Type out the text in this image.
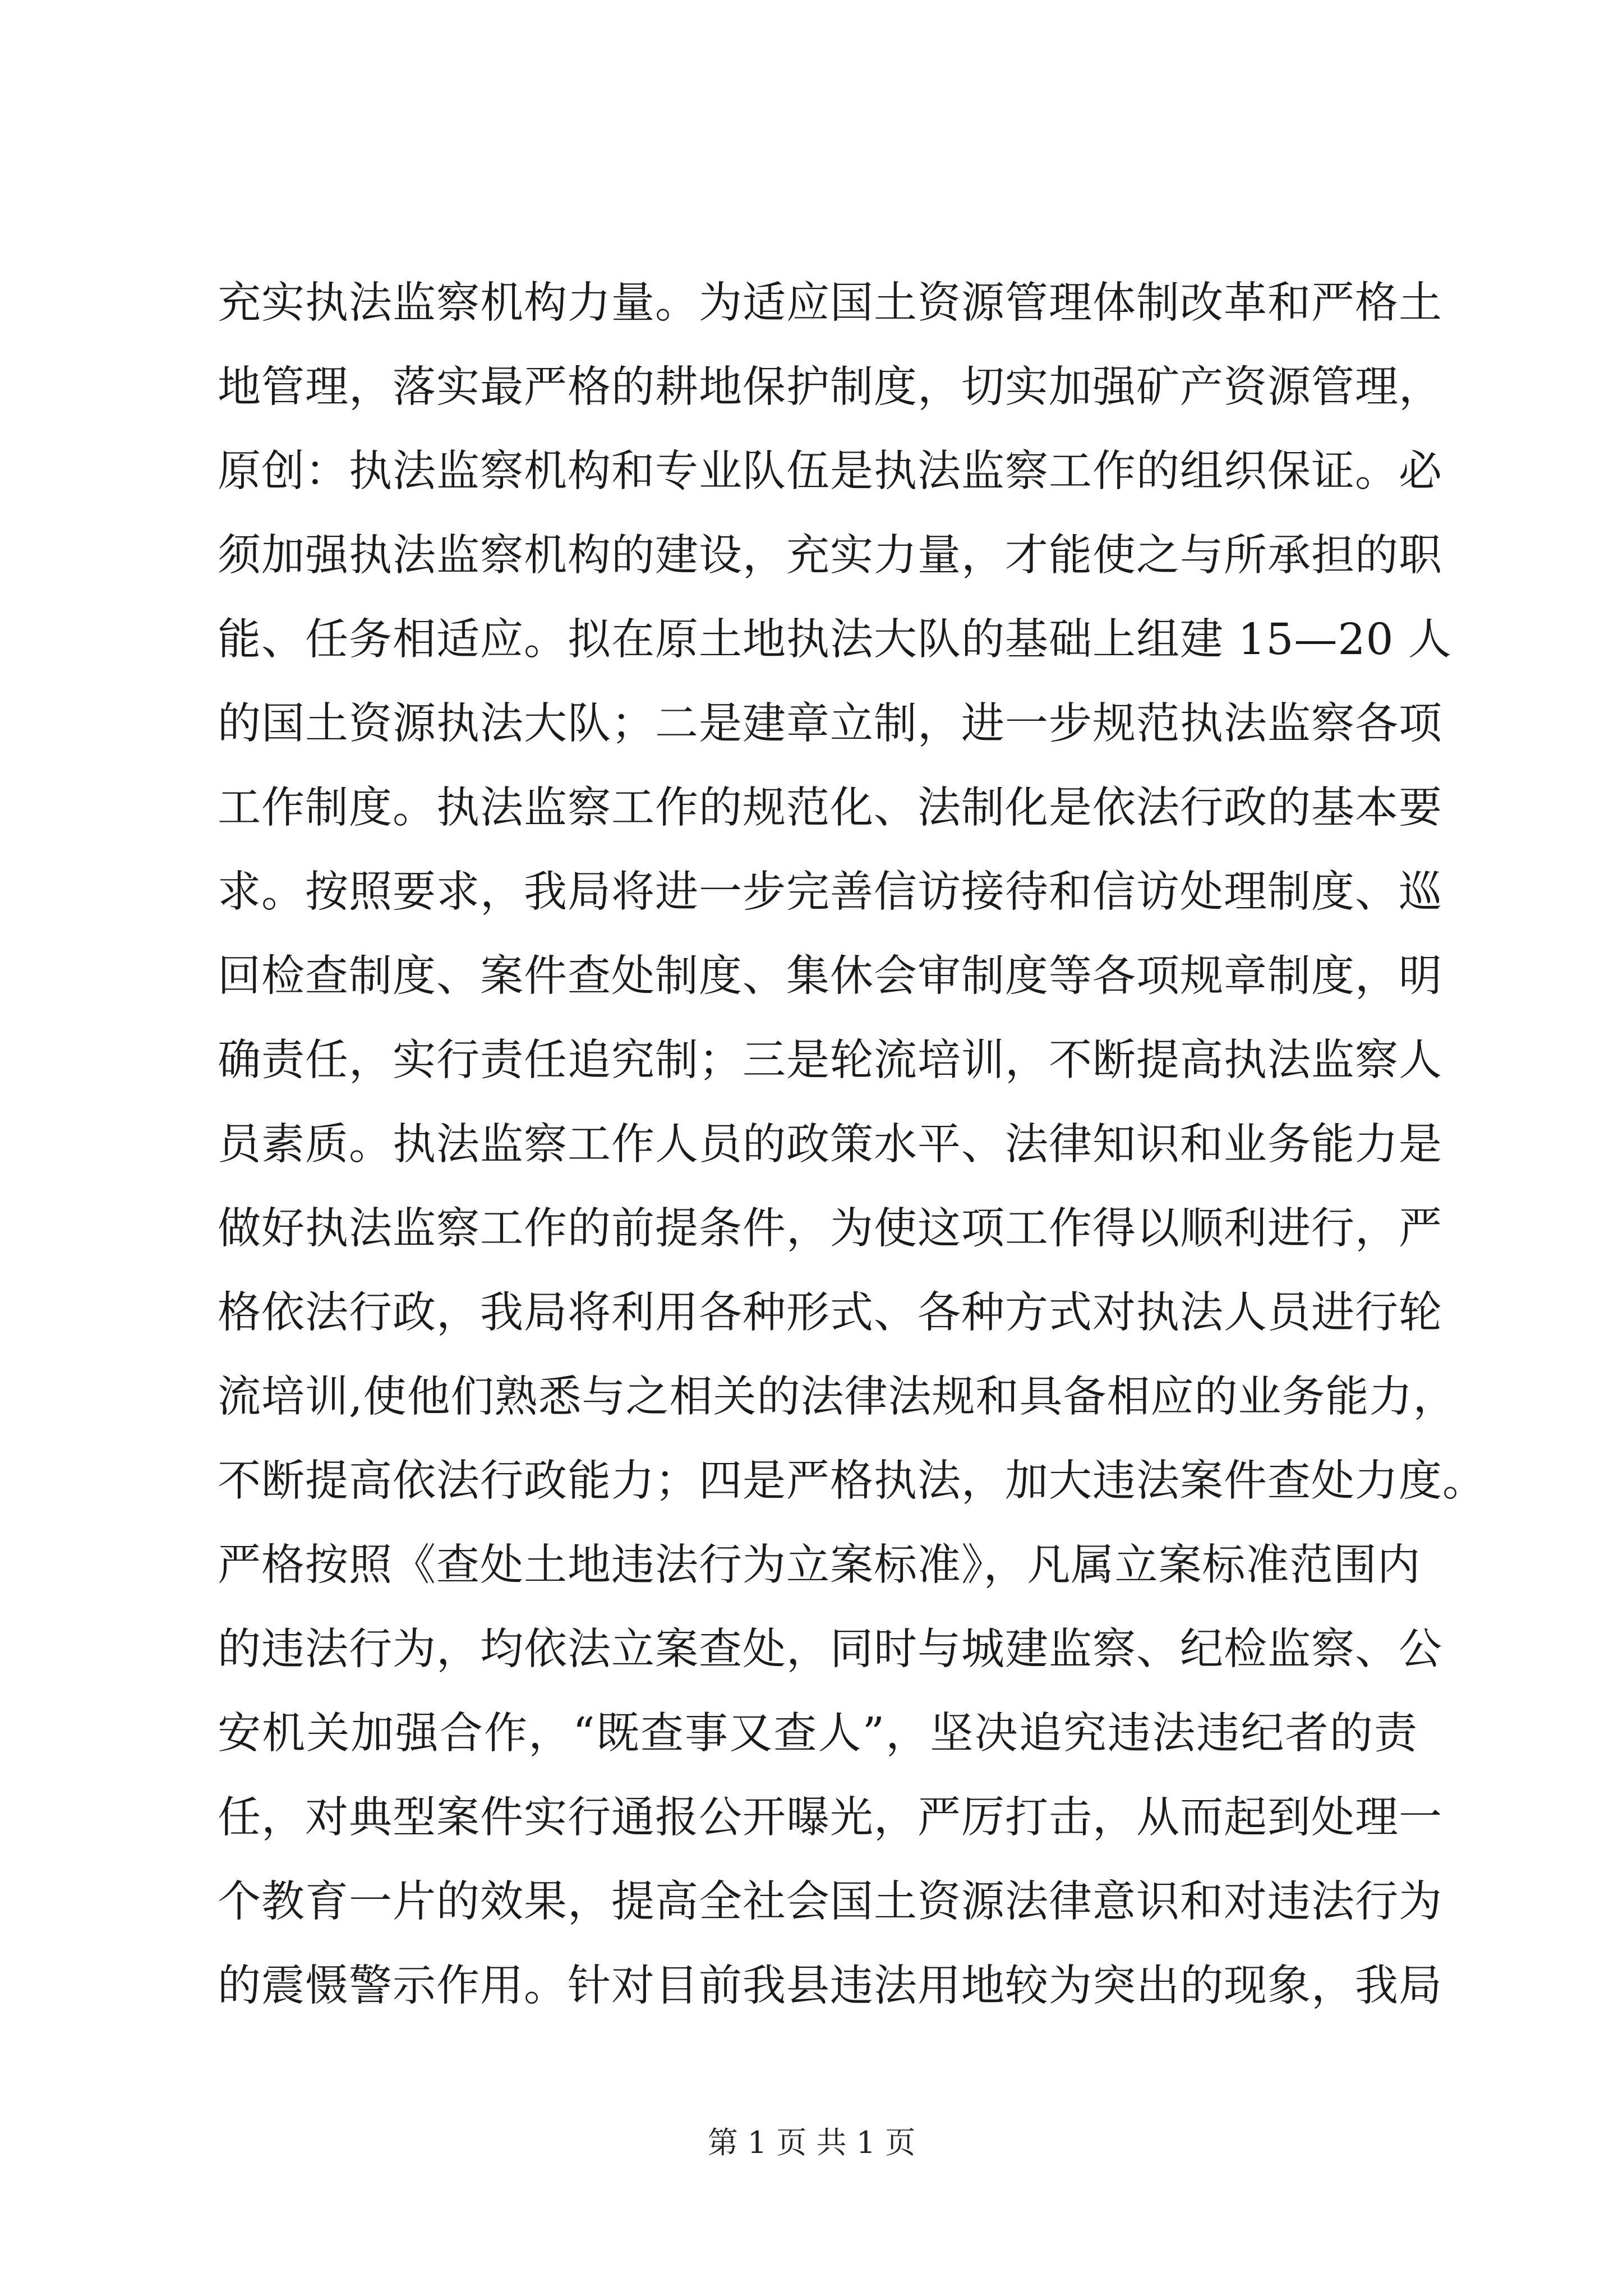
充实执法监察机构力量。为适应国土资源管理体制改革和严格土
地管理，落实最严格的耕地保护制度，切实加强矿产资源管理，
原创：执法监察机构和专业队伍是执法监察工作的组织保证。必
须加强执法监察机构的建设，充实力量，才能使之与所承担的职
能、任务相适应。拟在原土地执法大队的基础上组建 15—20 人
的国土资源执法大队；二是建章立制，进一步规范执法监察各项
工作制度。执法监察工作的规范化、法制化是依法行政的基本要
求。按照要求，我局将进一步完善信访接待和信访处理制度、巡
回检查制度、案件查处制度、集休会审制度等各项规章制度，明
确责任，实行责任追究制；三是轮流培训，不断提高执法监察人
员素质。执法监察工作人员的政策水平、法律知识和业务能力是
做好执法监察工作的前提条件，为使这项工作得以顺利进行，严
格依法行政，我局将利用各种形式、各种方式对执法人员进行轮
流培训,使他们熟悉与之相关的法律法规和具备相应的业务能力，
不断提高依法行政能力；四是严格执法，加大违法案件查处力度。
严格按照《查处土地违法行为立案标准》，凡属立案标准范围内
的违法行为，均依法立案查处，同时与城建监察、纪检监察、公
安机关加强合作，“既查事又查人”，坚决追究违法违纪者的责
任，对典型案件实行通报公开曝光，严厉打击，从而起到处理一
个教育一片的效果，提高全社会国土资源法律意识和对违法行为
的震慑警示作用。针对目前我县违法用地较为突出的现象，我局
第 1 页 共 1 页
